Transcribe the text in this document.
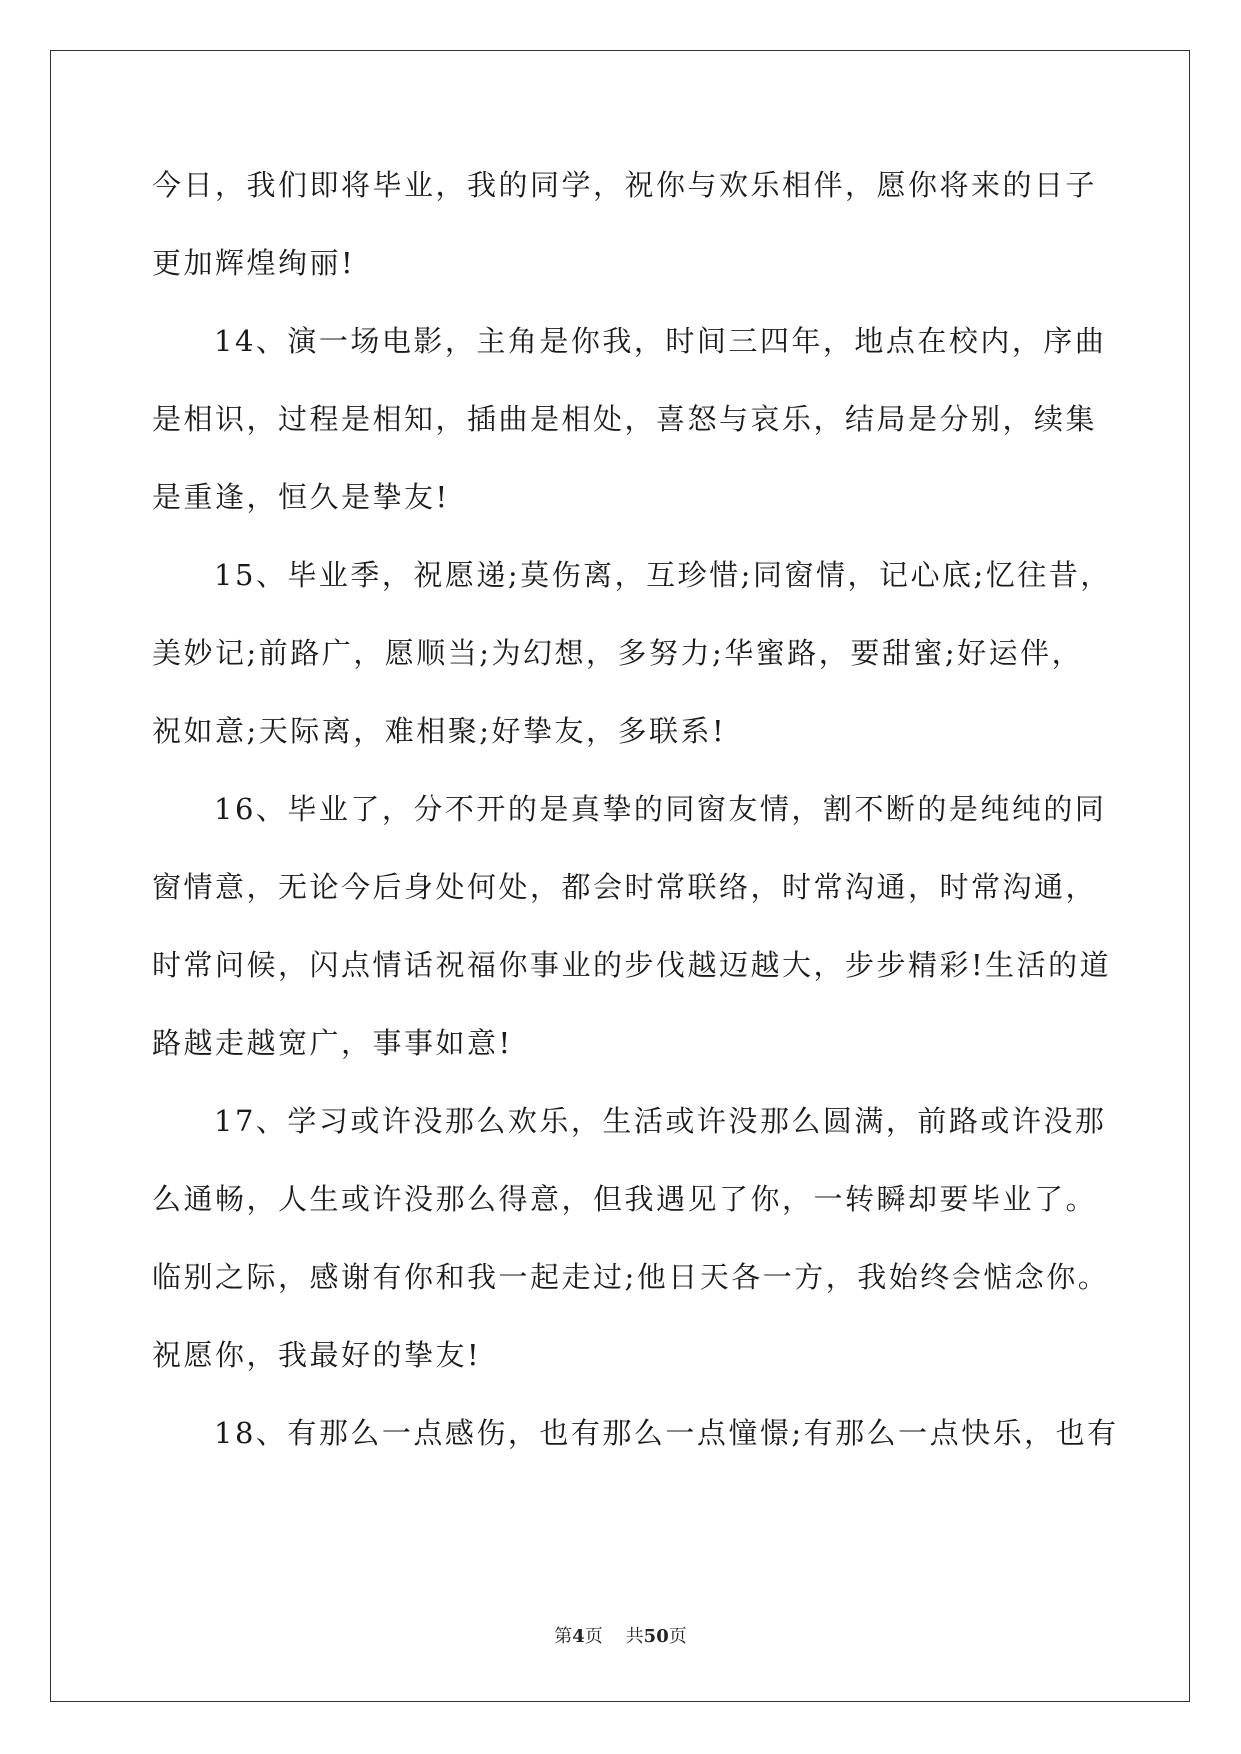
今日，我们即将毕业，我的同学，祝你与欢乐相伴，愿你将来的日子
更加辉煌绚丽!
14、演一场电影，主角是你我，时间三四年，地点在校内，序曲
是相识，过程是相知，插曲是相处，喜怒与哀乐，结局是分别，续集
是重逢，恒久是挚友!
15、毕业季，祝愿递;莫伤离，互珍惜;同窗情，记心底;忆往昔，
美妙记;前路广，愿顺当;为幻想，多努力;华蜜路，要甜蜜;好运伴，
祝如意;天际离，难相聚;好挚友，多联系!
16、毕业了，分不开的是真挚的同窗友情，割不断的是纯纯的同
窗情意，无论今后身处何处，都会时常联络，时常沟通，时常沟通，
时常问候，闪点情话祝福你事业的步伐越迈越大，步步精彩!生活的道
路越走越宽广，事事如意!
17、学习或许没那么欢乐，生活或许没那么圆满，前路或许没那
么通畅，人生或许没那么得意，但我遇见了你，一转瞬却要毕业了。
临别之际，感谢有你和我一起走过;他日天各一方，我始终会惦念你。
祝愿你，我最好的挚友!
18、有那么一点感伤，也有那么一点憧憬;有那么一点快乐，也有
第4页 共50页
